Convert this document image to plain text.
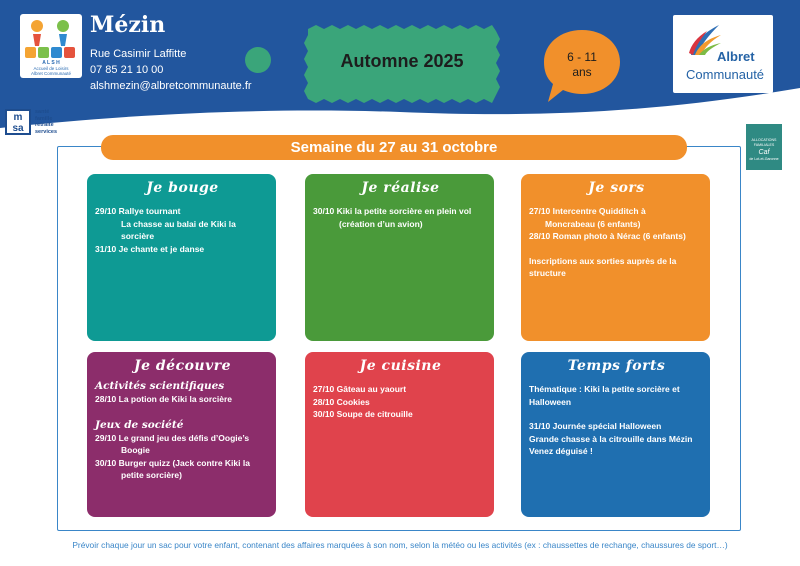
A L S H
Accueil de Loisirs
Albret Communauté
Mézin
Rue Casimir Laffitte
07 85 21 10 00
alshmezin@albretcommunaute.fr
Automne 2025	6 - 11
ans
Albret
Communauté
m
sa
santé
famille
retraite
services
ALLOCATIONS FAMILIALES
Caf
de Lot-et-Garonne
Semaine du 27 au 31 octobre
Je bouge
29/10 Rallye tournant
La chasse au balai de Kiki la sorcière
31/10 Je chante et je danse
Je réalise
30/10 Kiki la petite sorcière en plein vol
(création d’un avion)
Je sors
27/10 Intercentre Quidditch à
Moncrabeau (6 enfants)
28/10 Roman photo à Nérac (6 enfants)
Inscriptions aux sorties auprès de la structure
Je découvre
Activités scientifiques
28/10 La potion de Kiki la sorcière
Jeux de société
29/10 Le grand jeu des défis d’Oogie’s
Boogie
30/10 Burger quizz (Jack contre Kiki la
petite sorcière)
Je cuisine
27/10 Gâteau au yaourt
28/10 Cookies
30/10 Soupe de citrouille
Temps forts
Thématique : Kiki la petite sorcière et Halloween
31/10 Journée spécial Halloween
Grande chasse à la citrouille dans Mézin
Venez déguisé !
Prévoir chaque jour un sac pour votre enfant, contenant des affaires marquées à son nom, selon la météo ou les activités (ex : chaussettes de rechange, chaussures de sport…)
